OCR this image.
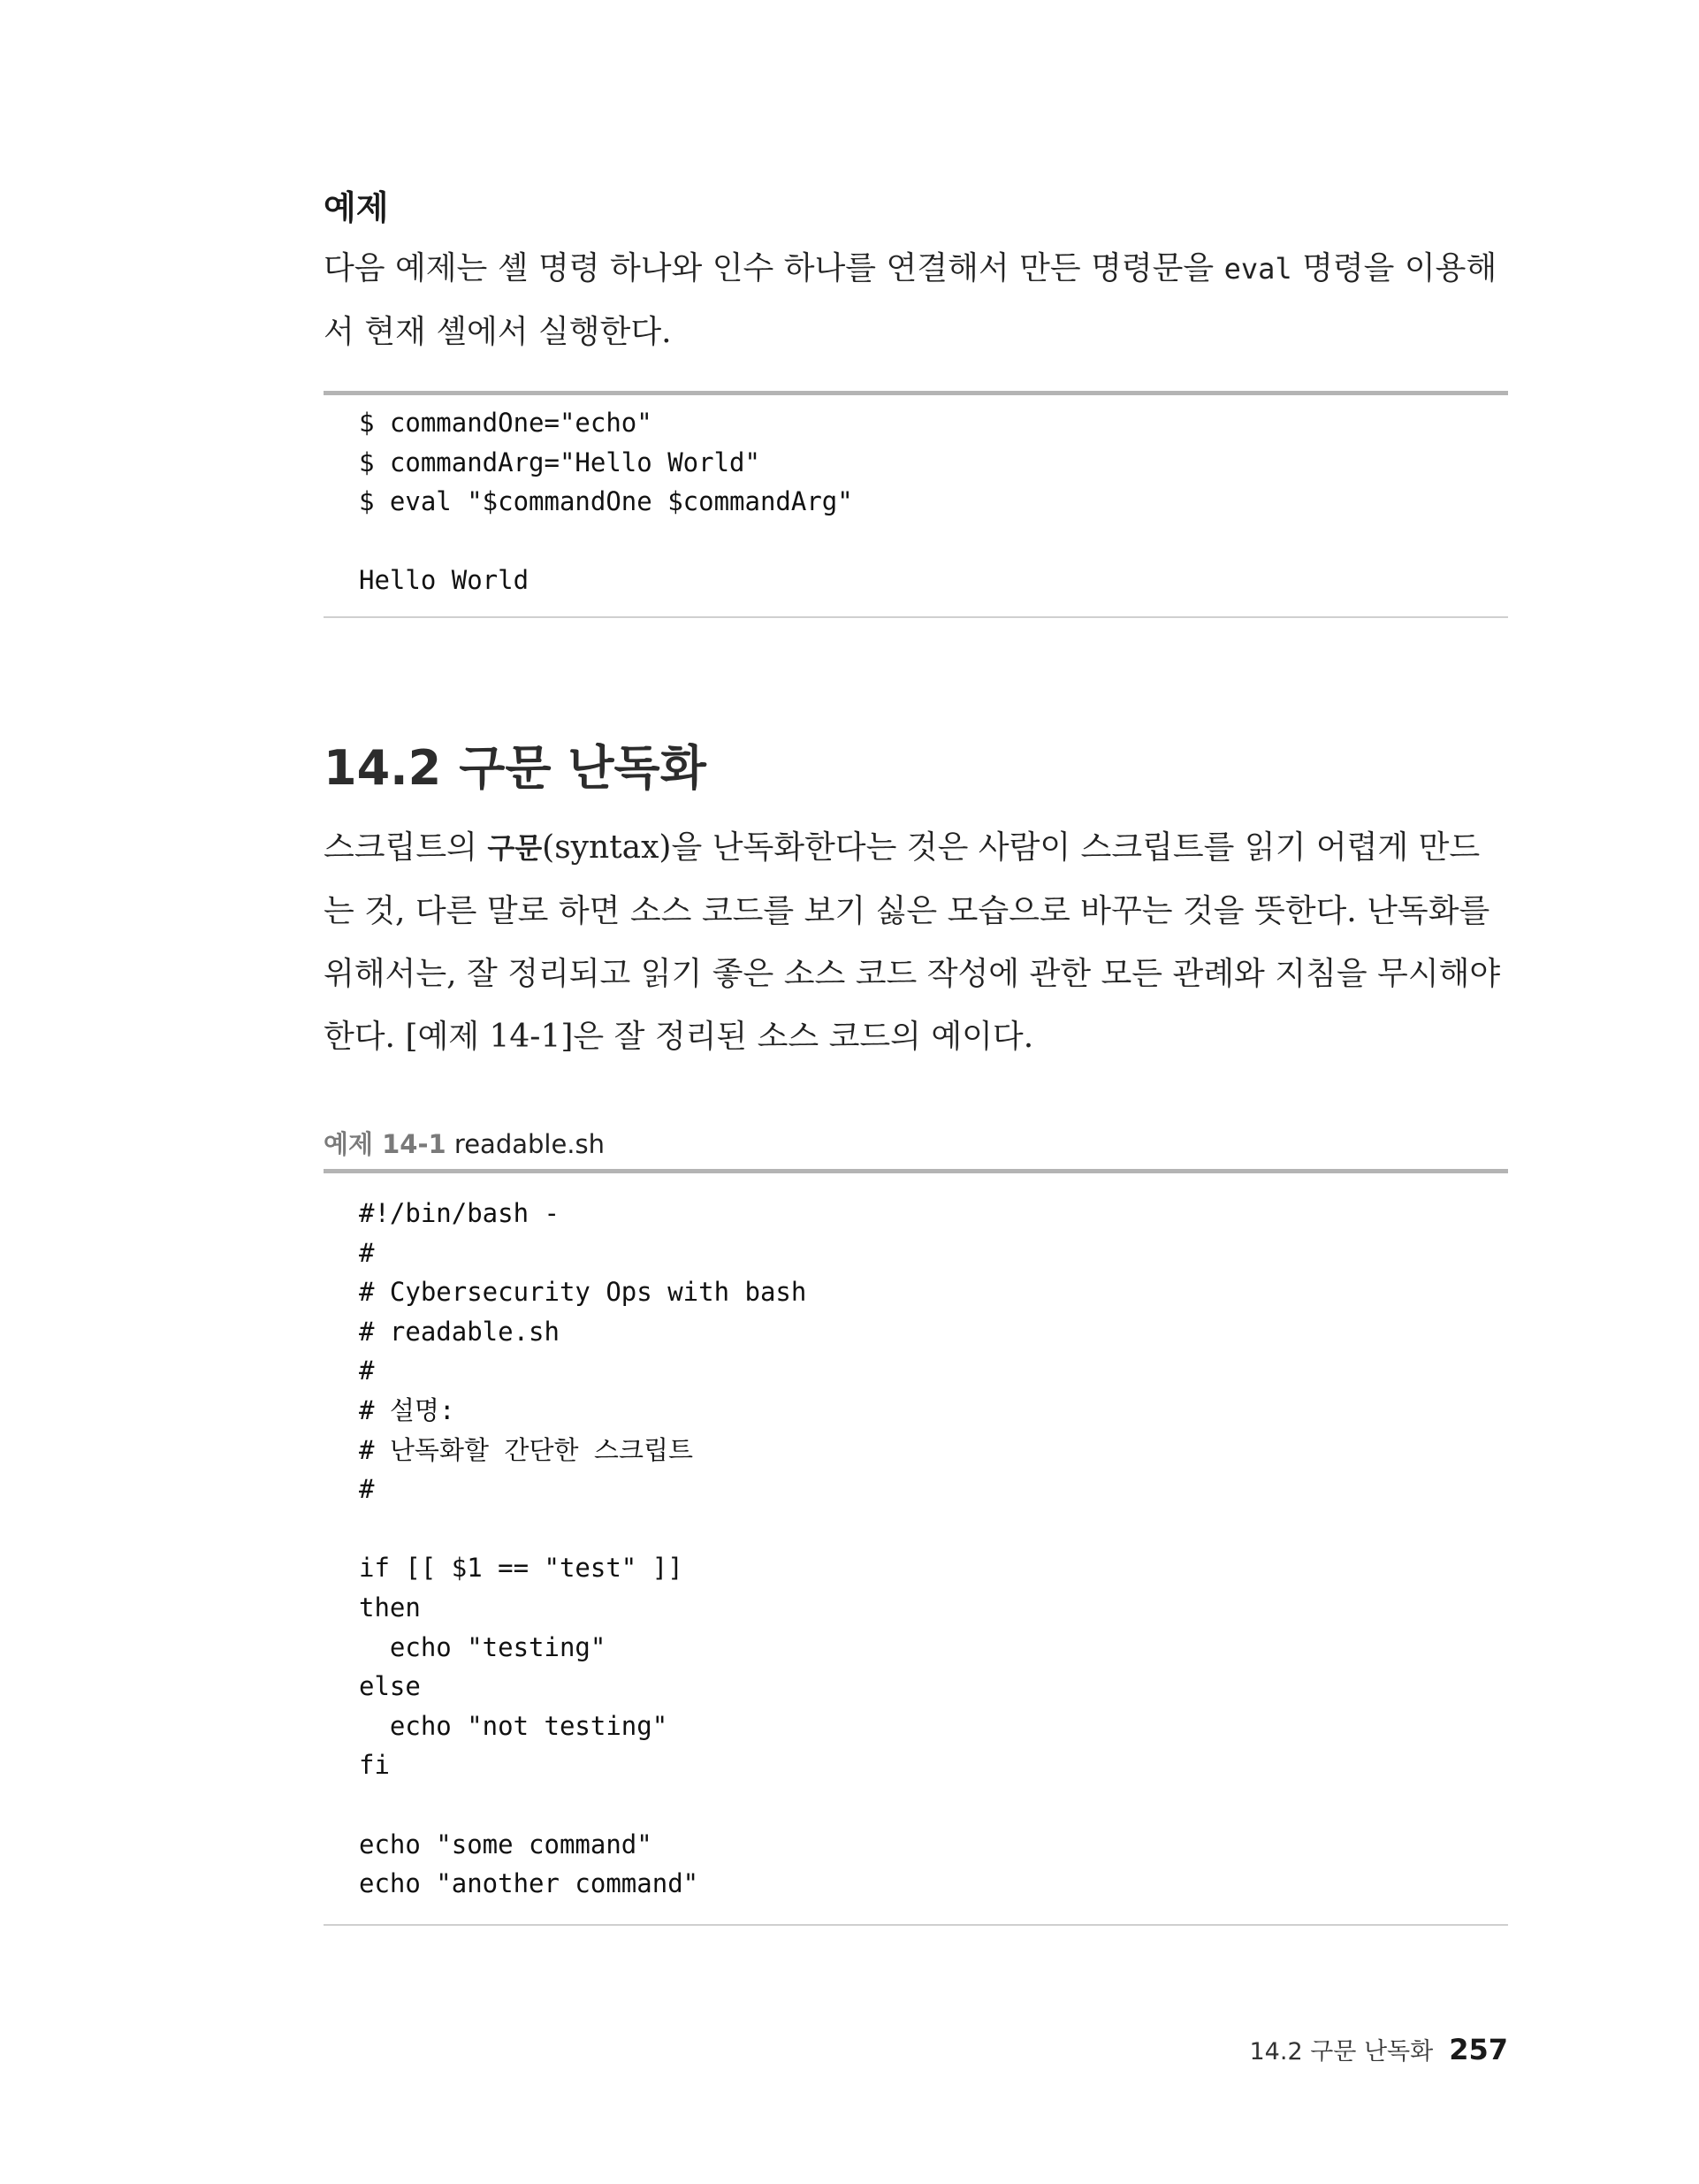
예제
다음 예제는 셸 명령 하나와 인수 하나를 연결해서 만든 명령문을 eval 명령을 이용해서 현재 셸에서 실행한다.
$ commandOne="echo"
$ commandArg="Hello World"
$ eval "$commandOne $commandArg"
Hello World
14.2 구문 난독화
스크립트의 구문(syntax)을 난독화한다는 것은 사람이 스크립트를 읽기 어렵게 만드는 것, 다른 말로 하면 소스 코드를 보기 싫은 모습으로 바꾸는 것을 뜻한다. 난독화를 위해서는, 잘 정리되고 읽기 좋은 소스 코드 작성에 관한 모든 관례와 지침을 무시해야 한다. [예제 14-1]은 잘 정리된 소스 코드의 예이다.
예제 14-1 readable.sh
#!/bin/bash -
#
# Cybersecurity Ops with bash
# readable.sh
#
# 설명:
# 난독화할 간단한 스크립트
#
if [[ $1 == "test" ]]
then
echo "testing"
else
echo "not testing"
fi
echo "some command"
echo "another command"
14.2 구문 난독화 257
